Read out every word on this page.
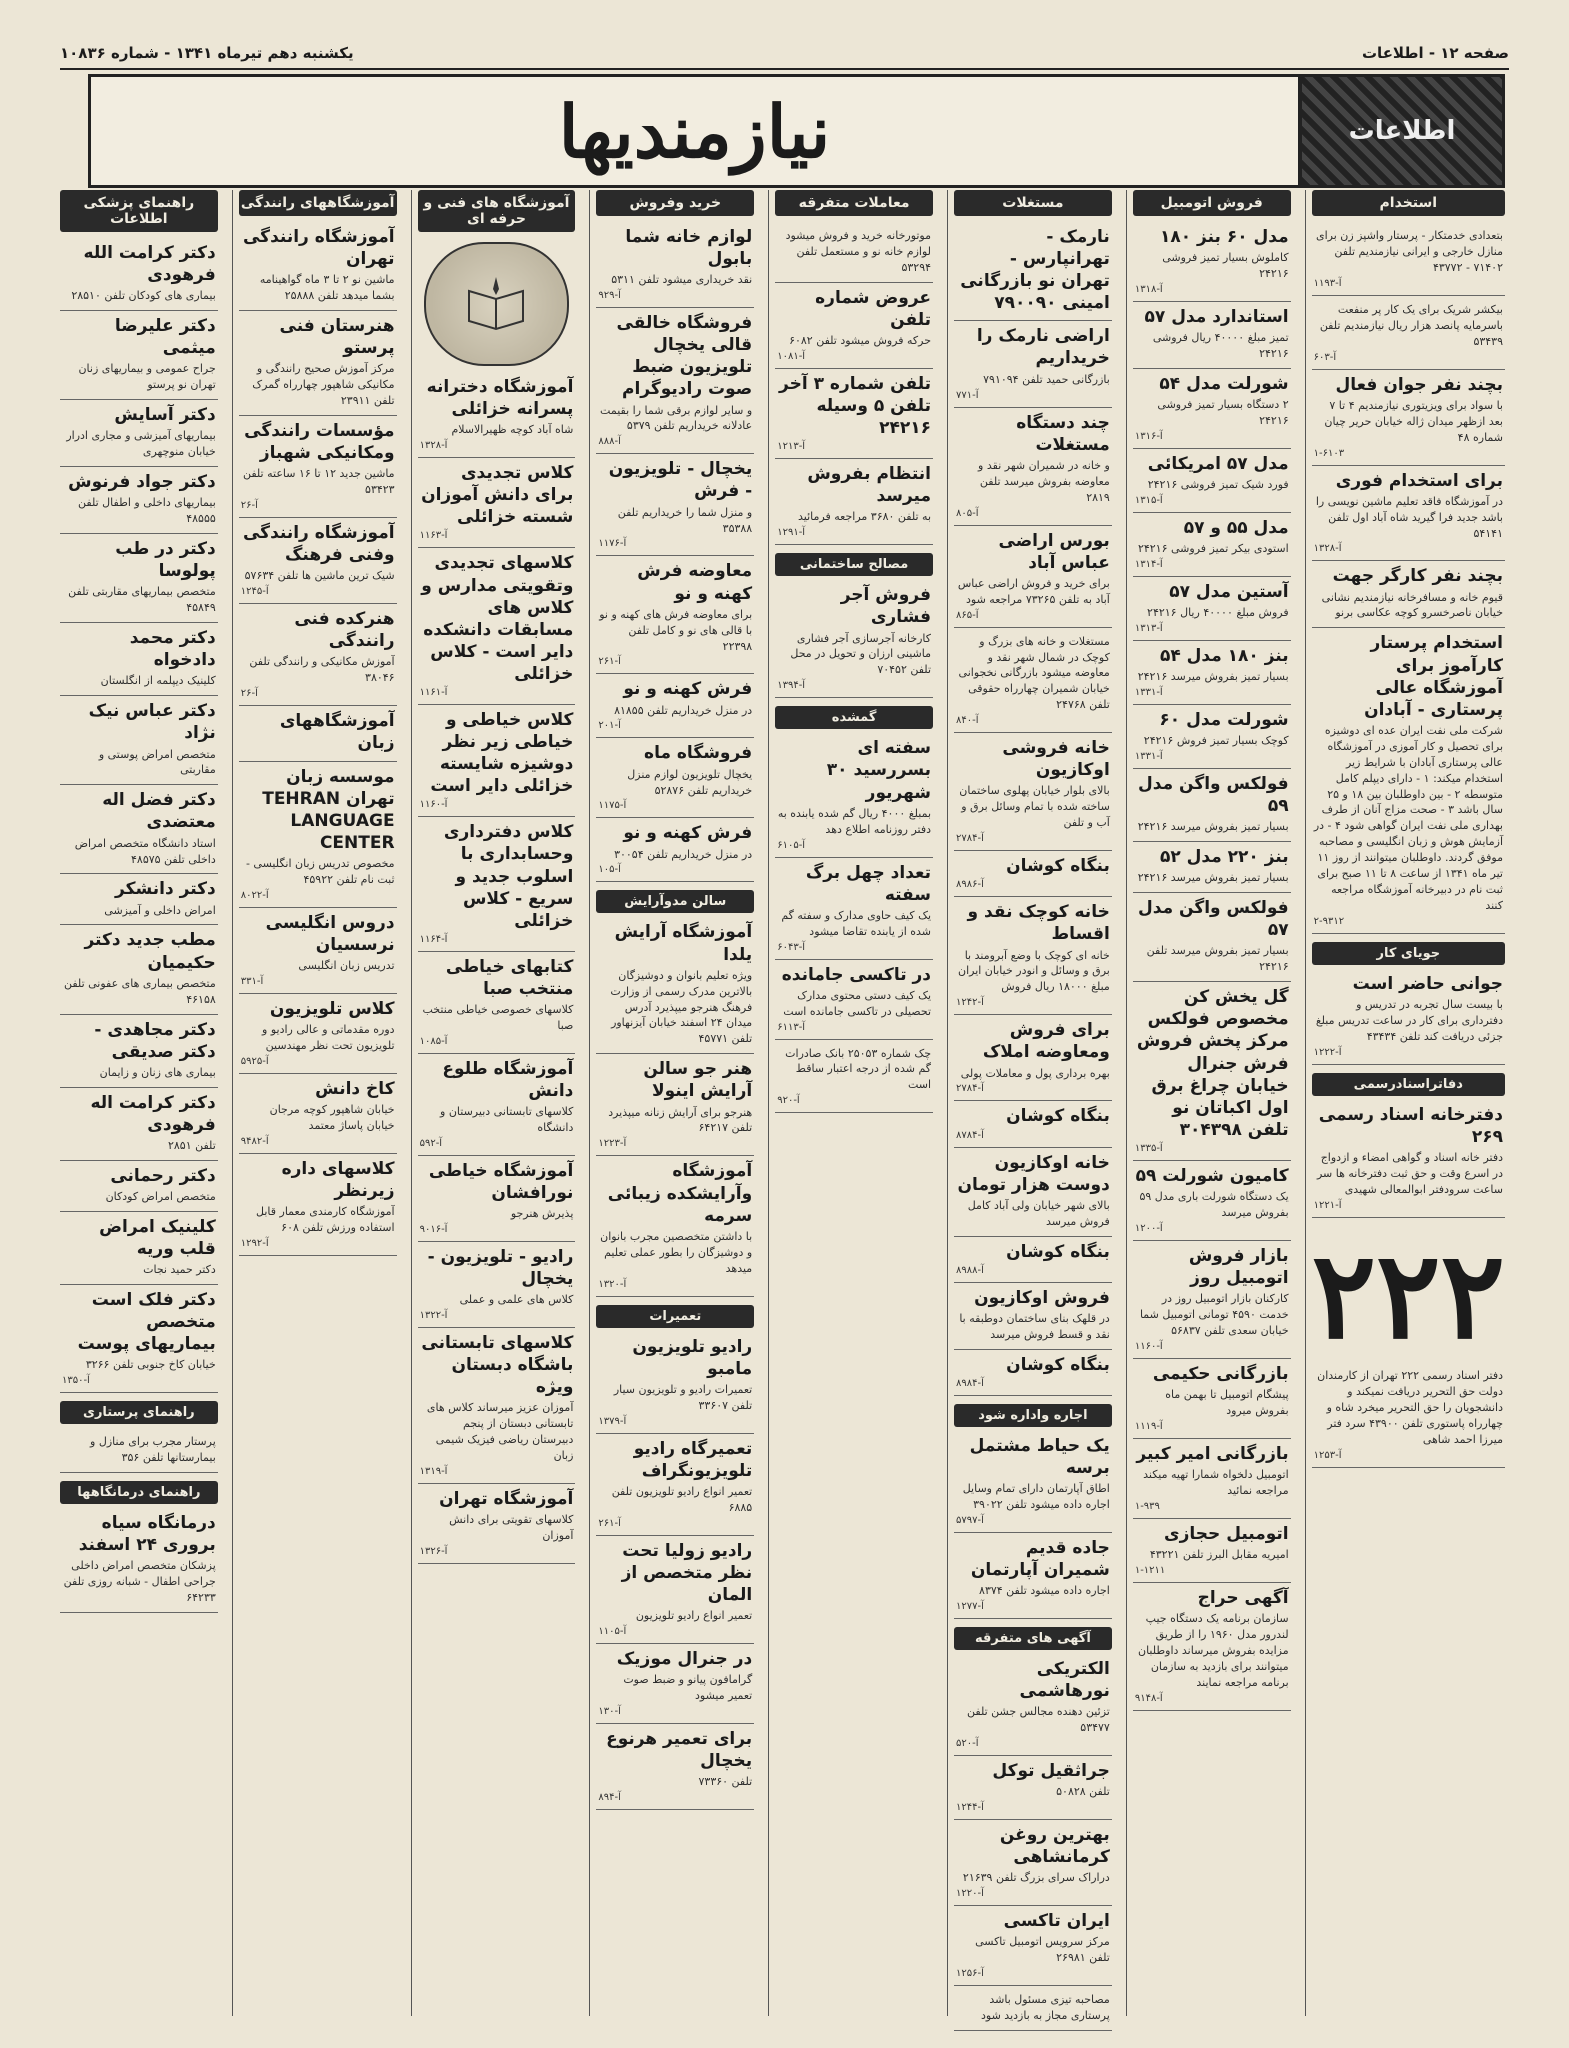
یکشنبه دهم تیرماه ۱۳۴۱ - شماره ۱۰۸۳۶	صفحه ۱۲ - اطلاعات
اطلاعات
نیازمندیها
استخدام
بتعدادی خدمتکار - پرستار واشپز زن برای منازل خارجی و ایرانی نیازمندیم تلفن ۷۱۴۰۲ - ۴۳۷۷۲
آ-۱۱۹۳
بیکشر شریک برای یک کار پر منفعت باسرمایه پانصد هزار ریال نیازمندیم تلفن ۵۳۴۳۹
آ-۶۰۳
بچند نفر جوان فعال
با سواد برای ویزیتوری نیازمندیم ۴ تا ۷ بعد ازظهر میدان ژاله خیابان حریر چیان شماره ۴۸
۱-۶۱۰۳
برای استخدام فوری
در آموزشگاه فاقد تعلیم ماشین نویسی را باشد جدید فرا گیرید شاه آباد اول تلفن ۵۴۱۴۱
آ-۱۳۲۸
بچند نفر کارگر جهت
قیوم خانه و مسافرخانه نیازمندیم نشانی خیابان ناصرخسرو کوچه عکاسی برنو
استخدام پرستار کارآموز برای آموزشگاه عالی پرستاری - آبادان
شرکت ملی نفت ایران عده ای دوشیزه برای تحصیل و کار آموزی در آموزشگاه عالی پرستاری آبادان با شرایط زیر استخدام میکند: ۱ - دارای دیپلم کامل متوسطه ۲ - بین داوطلبان بین ۱۸ و ۲۵ سال باشد ۳ - صحت مزاج آنان از طرف بهداری ملی نفت ایران گواهی شود ۴ - در آزمایش هوش و زبان انگلیسی و مصاحبه موفق گردند. داوطلبان میتوانند از روز ۱۱ تیر ماه ۱۳۴۱ از ساعت ۸ تا ۱۱ صبح برای ثبت نام در دبیرخانه آموزشگاه مراجعه کنند
۲-۹۳۱۲
جویای کار
جوانی حاضر است
با بیست سال تجربه در تدریس و دفترداری برای کار در ساعت تدریس مبلغ جزئی دریافت کند تلفن ۴۳۴۳۴
آ-۱۲۲۲
دفاتراسنادرسمی
دفترخانه اسناد رسمی ۲۶۹
دفتر خانه اسناد و گواهی امضاء و ازدواج در اسرع وقت و حق ثبت دفترخانه ها سر ساعت سرودفتر ابوالمعالی شهیدی
آ-۱۲۲۱
۲۲۲
دفتر اسناد رسمی ۲۲۲ تهران از کارمندان دولت حق التحریر دریافت نمیکند و دانشجویان را حق التحریر میخرد شاه و چهارراه پاستوری تلفن ۴۳۹۰۰ سرد فتر میرزا احمد شاهی
آ-۱۲۵۳
فروش اتومبیل
مدل ۶۰ بنز ۱۸۰
کاملوش بسیار تمیز فروشی ۲۴۲۱۶
آ-۱۳۱۸
استاندارد مدل ۵۷
تمیز مبلغ ۴۰۰۰۰ ریال فروشی ۲۴۲۱۶
شورلت مدل ۵۴
۲ دستگاه بسیار تمیز فروشی ۲۴۲۱۶
آ-۱۳۱۶
مدل ۵۷ امریکائی
فورد شیک تمیز فروشی ۲۴۲۱۶
آ-۱۳۱۵
مدل ۵۵ و ۵۷
استودی بیکر تمیز فروشی ۲۴۲۱۶
آ-۱۳۱۴
آستین مدل ۵۷
فروش مبلغ ۴۰۰۰۰ ریال ۲۴۲۱۶
آ-۱۳۱۳
بنز ۱۸۰ مدل ۵۴
بسیار تمیز بفروش میرسد ۲۴۲۱۶
آ-۱۳۳۱
شورلت مدل ۶۰
کوچک بسیار تمیز فروش ۲۴۲۱۶
آ-۱۳۳۱
فولکس واگن مدل ۵۹
بسیار تمیز بفروش میرسد ۲۴۲۱۶
بنز ۲۲۰ مدل ۵۲
بسیار تمیز بفروش میرسد ۲۴۲۱۶
فولکس واگن مدل ۵۷
بسیار تمیز بفروش میرسد تلفن ۲۴۲۱۶
گل یخش کن مخصوص فولکس مرکز پخش فروش فرش جنرال خیابان چراغ برق اول اکباتان نو تلفن ۳۰۴۳۹۸
آ-۱۳۳۵
کامیون شورلت ۵۹
یک دستگاه شورلت باری مدل ۵۹ بفروش میرسد
آ-۱۲۰۰
بازار فروش اتومبیل روز
کارکنان بازار اتومبیل روز در خدمت ۴۵۹۰ تومانی اتومبیل شما خیابان سعدی تلفن ۵۶۸۳۷
آ-۱۱۶۰
بازرگانی حکیمی
پیشگام اتومبیل تا بهمن ماه بفروش میرود
آ-۱۱۱۹
بازرگانی امیر کبیر
اتومبیل دلخواه شمارا تهیه میکند مراجعه نمائید
۱-۹۳۹
اتومبیل حجازی
امیریه مقابل البرز تلفن ۴۳۲۲۱
۱-۱۲۱۱
آگهی حراج
سازمان برنامه یک دستگاه جیپ لندرور مدل ۱۹۶۰ را از طریق مزایده بفروش میرساند داوطلبان میتوانند برای بازدید به سازمان برنامه مراجعه نمایند
آ-۹۱۴۸
مستغلات
نارمک - تهرانپارس - تهران نو بازرگانی امینی ۷۹۰۰۹۰
اراضی نارمک را خریداریم
بازرگانی حمید تلفن ۷۹۱۰۹۴
آ-۷۷۱
چند دستگاه مستغلات
و خانه در شمیران شهر نقد و معاوضه بفروش میرسد تلفن ۲۸۱۹
آ-۸۰۵
بورس اراضی عباس آباد
برای خرید و فروش اراضی عباس آباد به تلفن ۷۳۲۶۵ مراجعه شود
آ-۸۶۵
مستغلات و خانه های بزرگ و کوچک در شمال شهر نقد و معاوضه میشود بازرگانی نخجوانی خیابان شمیران چهارراه حقوقی تلفن ۲۴۷۶۸
آ-۸۴۰
خانه فروشی اوکازیون
بالای بلوار خیابان پهلوی ساختمان ساخته شده با تمام وسائل برق و آب و تلفن
آ-۲۷۸۴
بنگاه کوشان
آ-۸۹۸۶
خانه کوچک نقد و اقساط
خانه ای کوچک با وضع آبرومند با برق و وسائل و انودر خیابان ایران مبلغ ۱۸۰۰۰ ریال فروش
آ-۱۲۴۲
برای فروش ومعاوضه املاک
بهره برداری پول و معاملات پولی
آ-۲۷۸۴
بنگاه کوشان
آ-۸۷۸۴
خانه اوکازیون دوست هزار تومان
بالای شهر خیابان ولی آباد کامل فروش میرسد
بنگاه کوشان
آ-۸۹۸۸
فروش اوکازیون
در قلهک بنای ساختمان دوطبقه با نقد و قسط فروش میرسد
بنگاه کوشان
آ-۸۹۸۴
اجاره واداره شود
یک حیاط مشتمل برسه
اطاق آپارتمان دارای تمام وسایل اجاره داده میشود تلفن ۳۹۰۲۲
آ-۵۷۹۷
جاده قدیم شمیران آپارتمان
اجاره داده میشود تلفن ۸۳۷۴
آ-۱۲۷۷
آگهی های متفرقه
الکتریکی نورهاشمی
تزئین دهنده مجالس جشن تلفن ۵۳۴۷۷
آ-۵۲۰
جراثقیل توکل
تلفن ۵۰۸۲۸
آ-۱۲۴۴
بهترین روغن کرمانشاهی
دراراک سرای بزرگ تلفن ۲۱۶۳۹
آ-۱۲۲۰
ایران تاکسی
مرکز سرویس اتومبیل تاکسی تلفن ۲۶۹۸۱
آ-۱۲۵۶
مصاحبه تیزی مسئول باشد پرستاری مجاز به بازدید شود
معاملات متفرقه
موتورخانه خرید و فروش میشود لوازم خانه نو و مستعمل تلفن ۵۳۲۹۴
عروض شماره تلفن
حرکه فروش میشود تلفن ۶۰۸۲
آ-۱۰۸۱
تلفن شماره ۳ آخر تلفن ۵ وسیله ۲۴۲۱۶
آ-۱۲۱۳
انتظام بفروش میرسد
به تلفن ۳۶۸۰ مراجعه فرمائید
آ-۱۲۹۱
مصالح ساختمانی
فروش آجر فشاری
کارخانه آجرسازی آجر فشاری ماشینی ارزان و تحویل در محل تلفن ۷۰۴۵۲
آ-۱۳۹۴
گمشده
سفته ای بسررسید ۳۰ شهریور
بمبلغ ۴۰۰۰ ریال گم شده یابنده به دفتر روزنامه اطلاع دهد
آ-۶۱۰۵
تعداد چهل برگ سفته
یک کیف حاوی مدارک و سفته گم شده از یابنده تقاضا میشود
آ-۶۰۴۳
در تاکسی جامانده
یک کیف دستی محتوی مدارک تحصیلی در تاکسی جامانده است
آ-۶۱۱۳
چک شماره ۲۵۰۵۳ بانک صادرات گم شده از درجه اعتبار ساقط است
آ-۹۲۰
خرید وفروش
لوازم خانه شما بابول
نقد خریداری میشود تلفن ۵۳۱۱
آ-۹۲۹
فروشگاه خالقی قالی یخچال تلویزیون ضبط صوت رادیوگرام
و سایر لوازم برقی شما را بقیمت عادلانه خریداریم تلفن ۵۳۷۹
آ-۸۸۸
یخچال - تلویزیون - فرش
و منزل شما را خریداریم تلفن ۳۵۳۸۸
آ-۱۱۷۶
معاوضه فرش کهنه و نو
برای معاوضه فرش های کهنه و نو با قالی های نو و کامل تلفن ۲۲۳۹۸
آ-۲۶۱
فرش کهنه و نو
در منزل خریداریم تلفن ۸۱۸۵۵
آ-۲۰۱
فروشگاه ماه
یخچال تلویزیون لوازم منزل خریداریم تلفن ۵۲۸۷۶
آ-۱۱۷۵
فرش کهنه و نو
در منزل خریداریم تلفن ۳۰۰۵۴
آ-۱۰۵
سالن مدوآرایش
آموزشگاه آرایش یلدا
ویژه تعلیم بانوان و دوشیزگان بالاترین مدرک رسمی از وزارت فرهنگ هنرجو میپذیرد آدرس میدان ۲۴ اسفند خیابان آیزنهاور تلفن ۴۵۷۷۱
هنر جو سالن آرایش اینولا
هنرجو برای آرایش زنانه میپذیرد تلفن ۶۴۲۱۷
آ-۱۲۲۳
آموزشگاه وآرایشکده زیبائی سرمه
با داشتن متخصصین مجرب بانوان و دوشیزگان را بطور عملی تعلیم میدهد
آ-۱۳۲۰
تعمیرات
رادیو تلویزیون مامبو
تعمیرات رادیو و تلویزیون سیار تلفن ۳۳۶۰۷
آ-۱۳۷۹
تعمیرگاه رادیو تلویزیونگراف
تعمیر انواع رادیو تلویزیون تلفن ۶۸۸۵
آ-۲۶۱
رادیو زولیا تحت نظر متخصص از المان
تعمیر انواع رادیو تلویزیون
آ-۱۱۰۵
در جنرال موزیک
گرامافون پیانو و ضبط صوت تعمیر میشود
آ-۱۳۰
برای تعمیر هرنوع یخچال
تلفن ۷۳۳۶۰
آ-۸۹۴
آموزشگاه های فنی و حرفه ای
آموزشگاه دخترانه پسرانه خزائلی
شاه آباد کوچه ظهیرالاسلام
آ-۱۳۲۸
کلاس تجدیدی برای دانش آموزان شسته خزائلی
آ-۱۱۶۳
کلاسهای تجدیدی وتقویتی مدارس و کلاس های مسابقات دانشکده دایر است - کلاس خزائلی
آ-۱۱۶۱
کلاس خیاطی و خیاطی زیر نظر دوشیزه شایسته خزائلی دایر است
آ-۱۱۶۰
کلاس دفترداری وحسابداری با اسلوب جدید و سریع - کلاس خزائلی
آ-۱۱۶۴
کتابهای خیاطی منتخب صبا
کلاسهای خصوصی خیاطی منتخب صبا
آ-۱۰۸۵
آموزشگاه طلوع دانش
کلاسهای تابستانی دبیرستان و دانشگاه
آ-۵۹۲
آموزشگاه خیاطی نورافشان
پذیرش هنرجو
آ-۹۰۱۶
رادیو - تلویزیون - یخچال
کلاس های علمی و عملی
آ-۱۳۲۲
کلاسهای تابستانی باشگاه دبستان ویژه
آموزان عزیز میرساند کلاس های تابستانی دبستان از پنجم دبیرستان ریاضی فیزیک شیمی زبان
آ-۱۳۱۹
آموزشگاه تهران
کلاسهای تقویتی برای دانش آموزان
آ-۱۳۲۶
آموزشگاههای رانندگی
آموزشگاه رانندگی تهران
ماشین نو ۲ تا ۳ ماه گواهینامه بشما میدهد تلفن ۲۵۸۸۸
هنرستان فنی پرستو
مرکز آموزش صحیح رانندگی و مکانیکی شاهپور چهارراه گمرک تلفن ۲۳۹۱۱
مؤسسات رانندگی ومکانیکی شهباز
ماشین جدید ۱۲ تا ۱۶ ساعته تلفن ۵۳۴۲۳
آ-۲۶
آموزشگاه رانندگی وفنی فرهنگ
شیک ترین ماشین ها تلفن ۵۷۶۳۴
آ-۱۲۴۵
هنرکده فنی رانندگی
آموزش مکانیکی و رانندگی تلفن ۳۸۰۴۶
آ-۲۶
آموزشگاههای زبان
موسسه زبان تهران TEHRAN LANGUAGE CENTER
مخصوص تدریس زبان انگلیسی - ثبت نام تلفن ۴۵۹۲۲
آ-۸۰۲۲
دروس انگلیسی نرسسیان
تدریس زبان انگلیسی
آ-۳۳۱
کلاس تلویزیون
دوره مقدماتی و عالی رادیو و تلویزیون تحت نظر مهندسین
آ-۵۹۲۵
کاخ دانش
خیابان شاهپور کوچه مرجان خیابان پاساژ معتمد
آ-۹۴۸۲
کلاسهای داره زیرنظر
آموزشگاه کارمندی معمار قابل استفاده ورزش تلفن ۶۰۸
آ-۱۲۹۲
راهنمای پزشکی اطلاعات
دکتر کرامت الله فرهودی
بیماری های کودکان تلفن ۲۸۵۱۰
دکتر علیرضا میثمی
جراح عمومی و بیماریهای زنان تهران نو پرستو
دکتر آسایش
بیماریهای آمیزشی و مجاری ادرار خیابان منوچهری
دکتر جواد فرنوش
بیماریهای داخلی و اطفال تلفن ۴۸۵۵۵
دکتر در طب پولوسا
متخصص بیماریهای مقاربتی تلفن ۴۵۸۴۹
دکتر محمد دادخواه
کلینیک دیپلمه از انگلستان
دکتر عباس نیک نژاد
متخصص امراض پوستی و مقاربتی
دکتر فضل اله معتضدی
استاد دانشگاه متخصص امراض داخلی تلفن ۴۸۵۷۵
دکتر دانشکر
امراض داخلی و آمیزشی
مطب جدید دکتر حکیمیان
متخصص بیماری های عفونی تلفن ۴۶۱۵۸
دکتر مجاهدی - دکتر صدیقی
بیماری های زنان و زایمان
دکتر کرامت اله فرهودی
تلفن ۲۸۵۱
دکتر رحمانی
متخصص امراض کودکان
کلینیک امراض قلب وریه
دکتر حمید نجات
دکتر فلک است متخصص بیماریهای پوست
خیابان کاخ جنوبی تلفن ۳۲۶۶
آ-۱۳۵۰
راهنمای پرستاری
پرستار مجرب برای منازل و بیمارستانها تلفن ۳۵۶
راهنمای درمانگاهها
درمانگاه سیاه بروری ۲۴ اسفند
پزشکان متخصص امراض داخلی جراحی اطفال - شبانه روزی تلفن ۶۴۲۳۳
